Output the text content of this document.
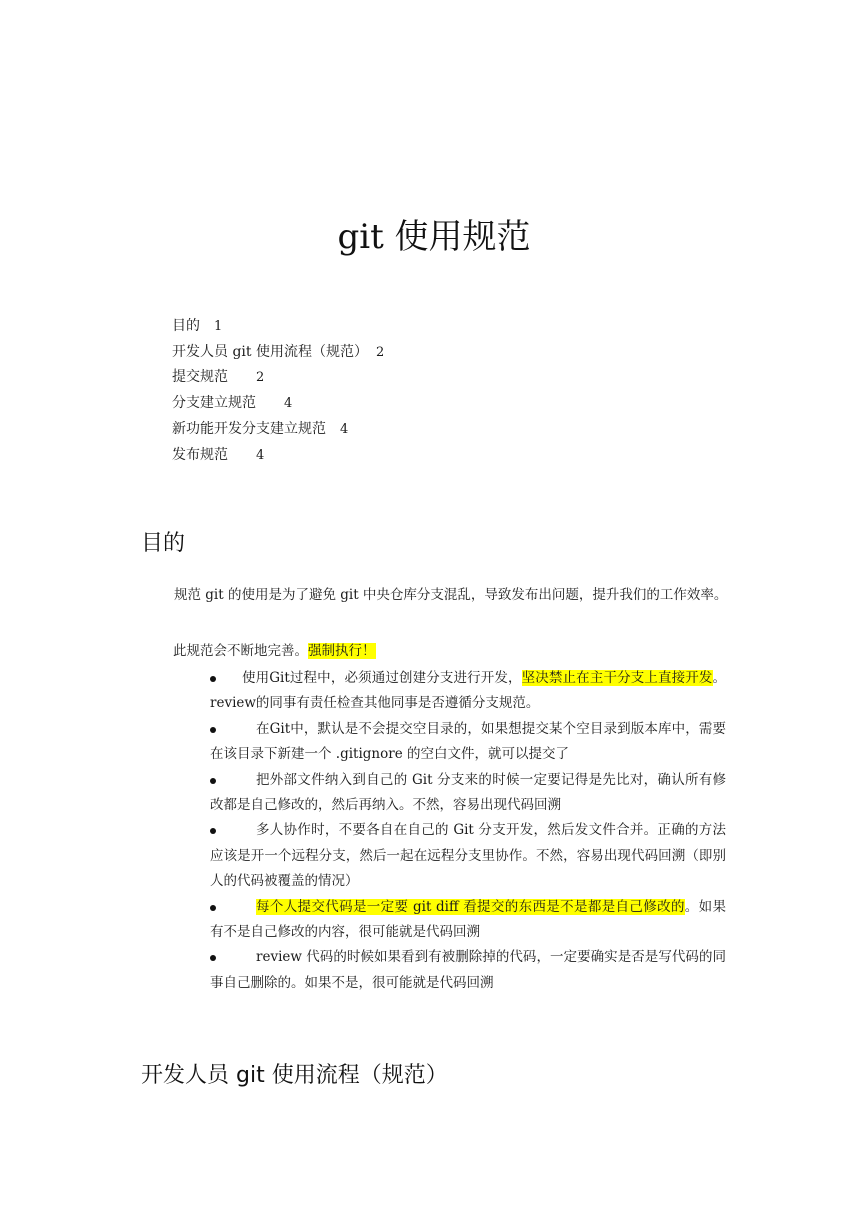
git 使用规范
目的 1
开发人员 git 使用流程（规范） 2
提交规范 2
分支建立规范 4
新功能开发分支建立规范 4
发布规范 4
目的

规范 git 的使用是为了避免 git 中央仓库分支混乱，导致发布出问题，提升我们的工作效率。

此规范会不断地完善。强制执行！

使用Git过程中，必须通过创建分支进行开发，坚决禁止在主干分支上直接开发。review的同事有责任检查其他同事是否遵循分支规范。
在Git中，默认是不会提交空目录的，如果想提交某个空目录到版本库中，需要在该目录下新建一个 .gitignore 的空白文件，就可以提交了
把外部文件纳入到自己的 Git 分支来的时候一定要记得是先比对，确认所有修改都是自己修改的，然后再纳入。不然，容易出现代码回溯
多人协作时，不要各自在自己的 Git 分支开发，然后发文件合并。正确的方法应该是开一个远程分支，然后一起在远程分支里协作。不然，容易出现代码回溯（即别人的代码被覆盖的情况）
每个人提交代码是一定要 git diff 看提交的东西是不是都是自己修改的。如果有不是自己修改的内容，很可能就是代码回溯
review 代码的时候如果看到有被删除掉的代码，一定要确实是否是写代码的同事自己删除的。如果不是，很可能就是代码回溯
开发人员 git 使用流程（规范）
